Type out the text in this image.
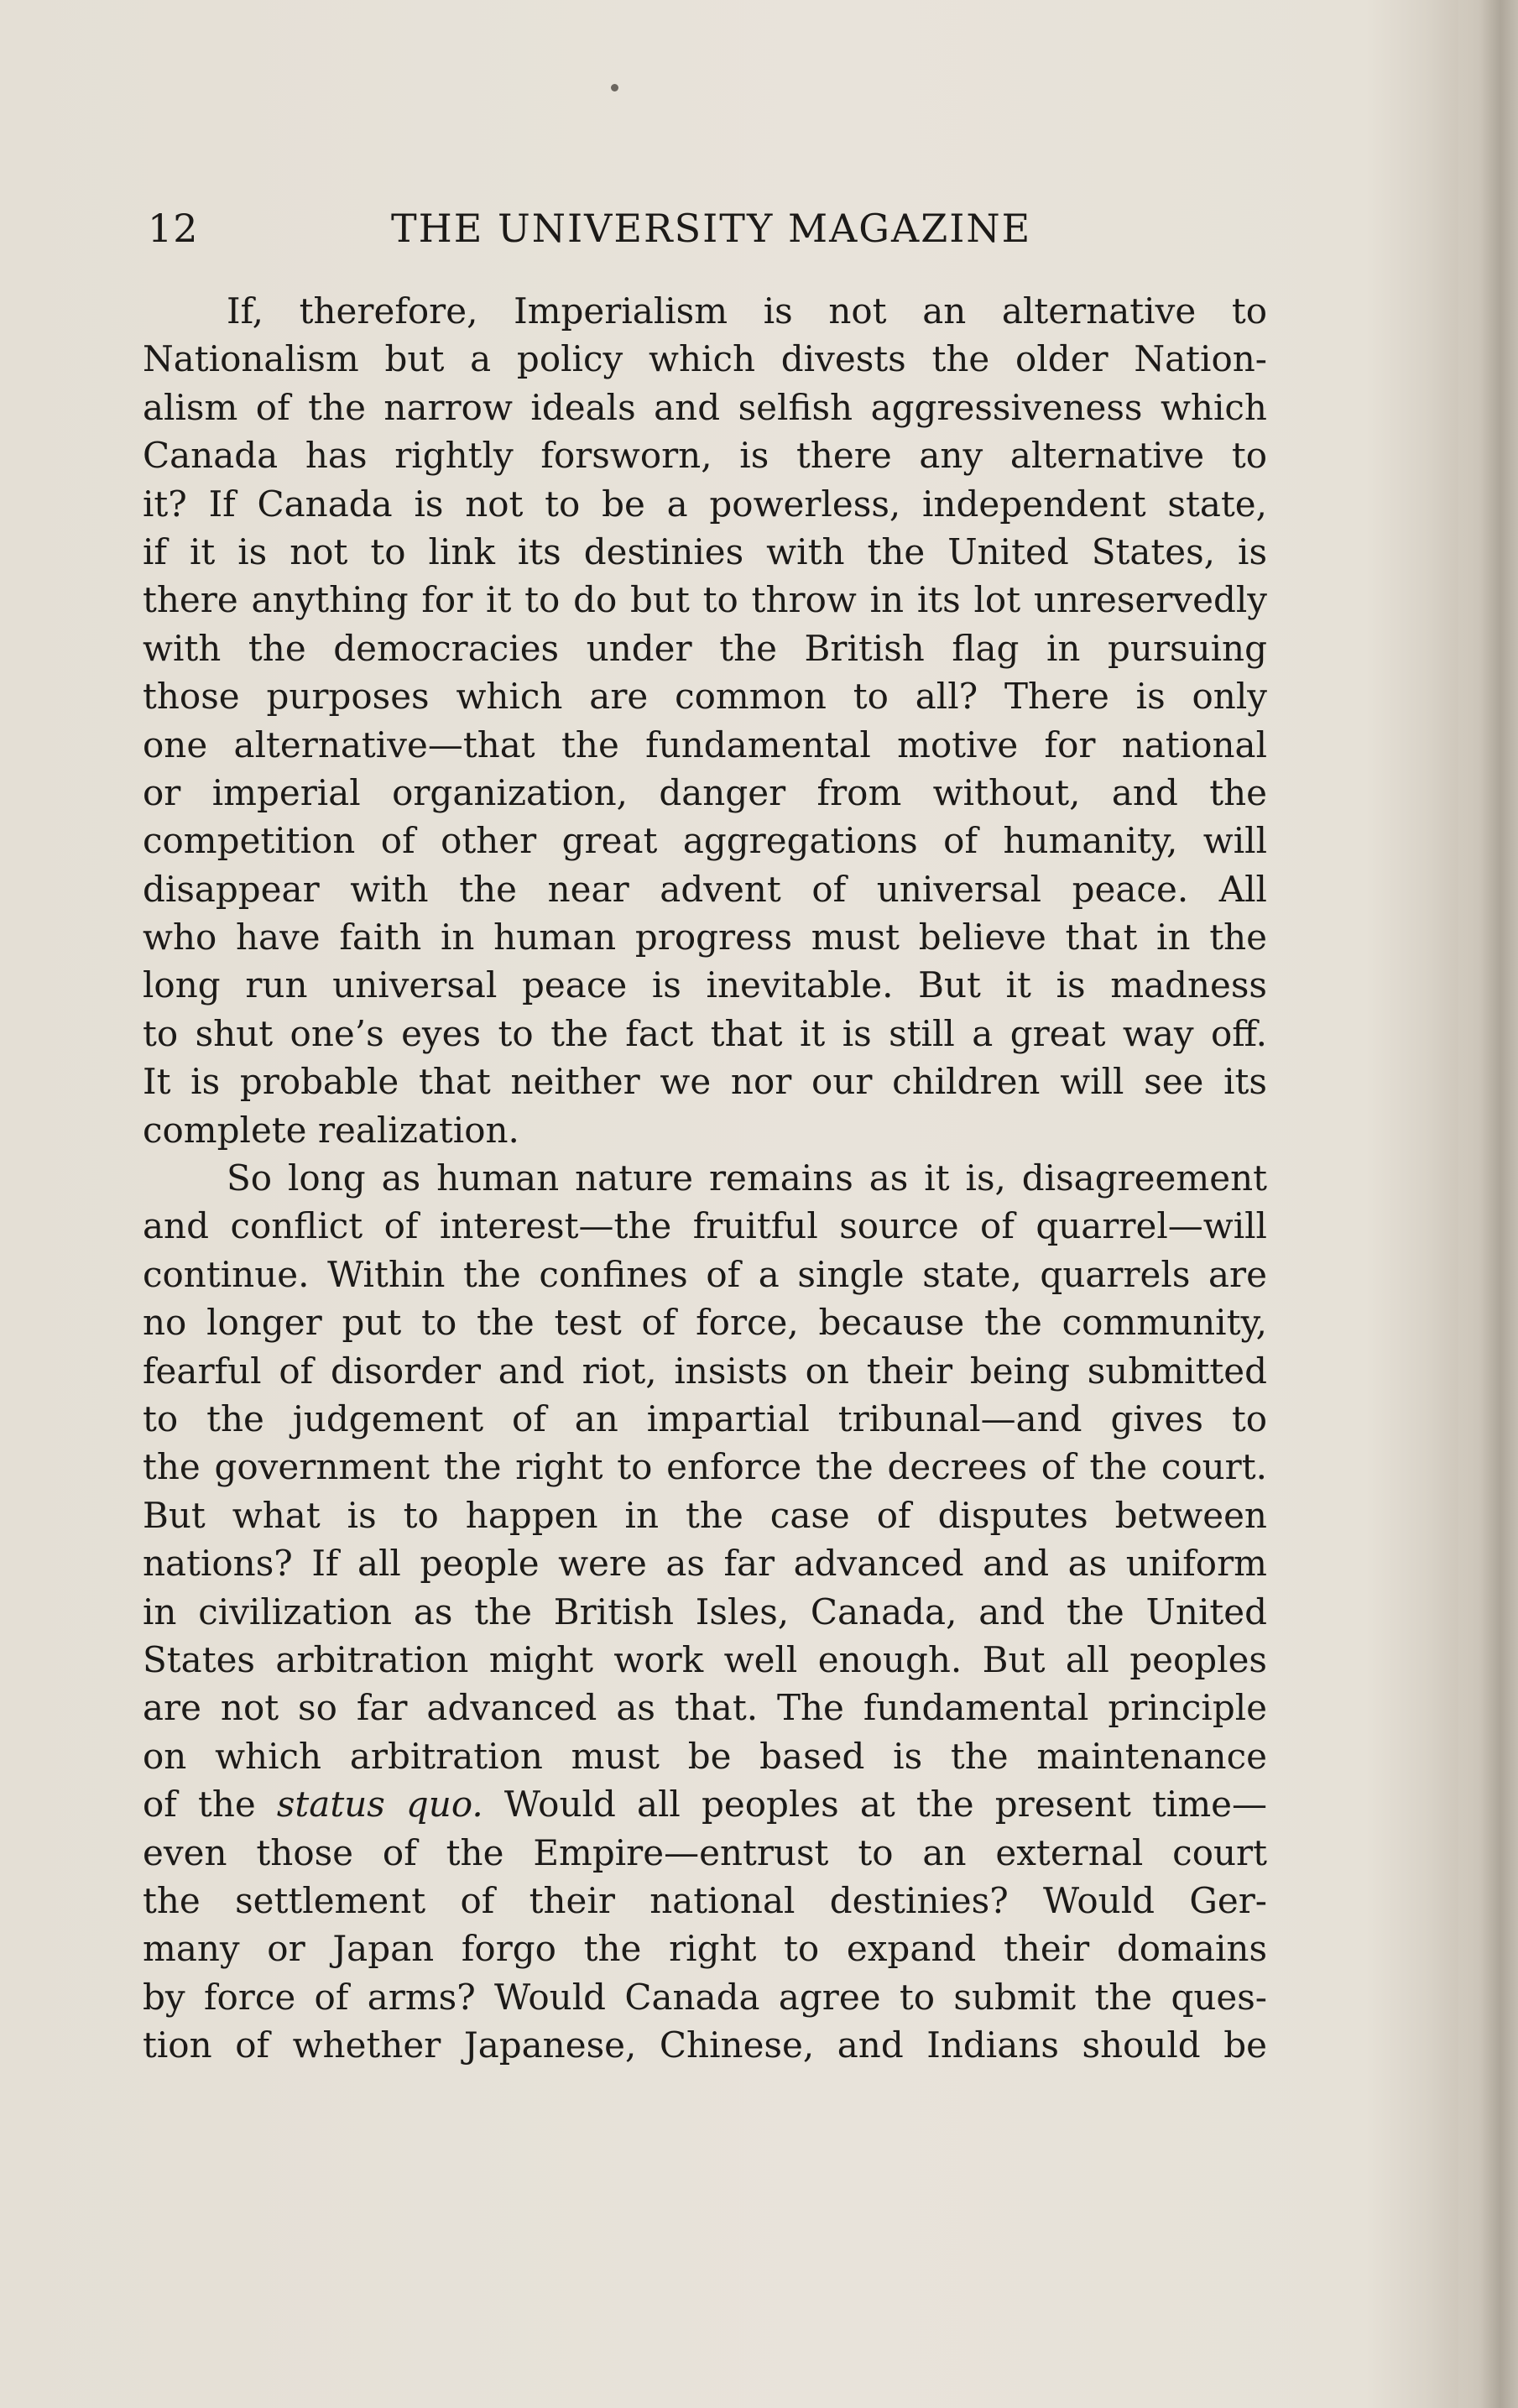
12	THE UNIVERSITY MAGAZINE
If, therefore, Imperialism is not an alternative to
Nationalism but a policy which divests the older Nation-
alism of the narrow ideals and selfish aggressiveness which
Canada has rightly forsworn, is there any alternative to
it? If Canada is not to be a powerless, independent state,
if it is not to link its destinies with the United States, is
there anything for it to do but to throw in its lot unreservedly
with the democracies under the British flag in pursuing
those purposes which are common to all? There is only
one alternative—that the fundamental motive for national
or imperial organization, danger from without, and the
competition of other great aggregations of humanity, will
disappear with the near advent of universal peace. All
who have faith in human progress must believe that in the
long run universal peace is inevitable. But it is madness
to shut one’s eyes to the fact that it is still a great way off.
It is probable that neither we nor our children will see its
complete realization.
So long as human nature remains as it is, disagreement
and conflict of interest—the fruitful source of quarrel—will
continue. Within the confines of a single state, quarrels are
no longer put to the test of force, because the community,
fearful of disorder and riot, insists on their being submitted
to the judgement of an impartial tribunal—and gives to
the government the right to enforce the decrees of the court.
But what is to happen in the case of disputes between
nations? If all people were as far advanced and as uniform
in civilization as the British Isles, Canada, and the United
States arbitration might work well enough. But all peoples
are not so far advanced as that. The fundamental principle
on which arbitration must be based is the maintenance
of the status quo. Would all peoples at the present time—
even those of the Empire—entrust to an external court
the settlement of their national destinies? Would Ger-
many or Japan forgo the right to expand their domains
by force of arms? Would Canada agree to submit the ques-
tion of whether Japanese, Chinese, and Indians should be
